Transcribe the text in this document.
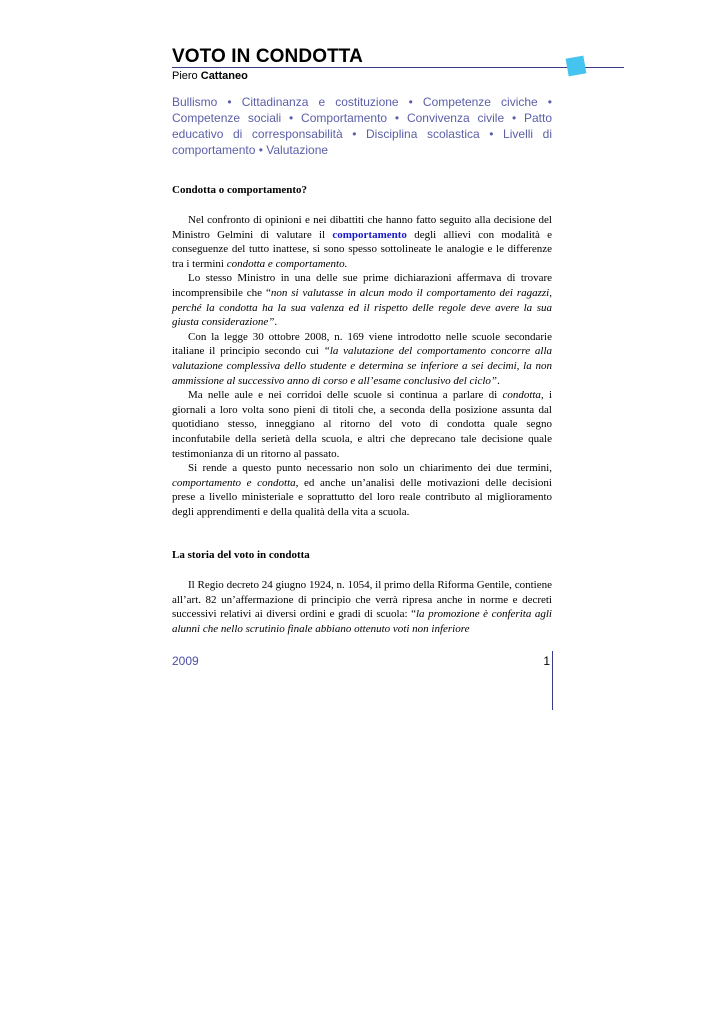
VOTO IN CONDOTTA
Piero Cattaneo
Bullismo • Cittadinanza e costituzione • Competenze civiche • Competenze sociali • Comportamento • Convivenza civile • Patto educativo di corresponsabilità • Disciplina scolastica • Livelli di comportamento • Valutazione
Condotta o comportamento?

Nel confronto di opinioni e nei dibattiti che hanno fatto seguito alla decisione del Ministro Gelmini di valutare il comportamento degli allievi con modalità e conseguenze del tutto inattese, si sono spesso sottolineate le analogie e le differenze tra i termini condotta e comportamento.

Lo stesso Ministro in una delle sue prime dichiarazioni affermava di trovare incomprensibile che “non si valutasse in alcun modo il comportamento dei ragazzi, perché la condotta ha la sua valenza ed il rispetto delle regole deve avere la sua giusta considerazione”.

Con la legge 30 ottobre 2008, n. 169 viene introdotto nelle scuole secondarie italiane il principio secondo cui “la valutazione del comportamento concorre alla valutazione complessiva dello studente e determina se inferiore a sei decimi, la non ammissione al successivo anno di corso e all’esame conclusivo del ciclo”.

Ma nelle aule e nei corridoi delle scuole si continua a parlare di condotta, i giornali a loro volta sono pieni di titoli che, a seconda della posizione assunta dal quotidiano stesso, inneggiano al ritorno del voto di condotta quale segno inconfutabile della serietà della scuola, e altri che deprecano tale decisione quale testimonianza di un ritorno al passato.

Si rende a questo punto necessario non solo un chiarimento dei due termini, comportamento e condotta, ed anche un’analisi delle motivazioni delle decisioni prese a livello ministeriale e soprattutto del loro reale contributo al miglioramento degli apprendimenti e della qualità della vita a scuola.

La storia del voto in condotta

Il Regio decreto 24 giugno 1924, n. 1054, il primo della Riforma Gentile, contiene all’art. 82 un’affermazione di principio che verrà ripresa anche in norme e decreti successivi relativi ai diversi ordini e gradi di scuola: “la promozione è conferita agli alunni che nello scrutinio finale abbiano ottenuto voti non inferiore

2009	1
